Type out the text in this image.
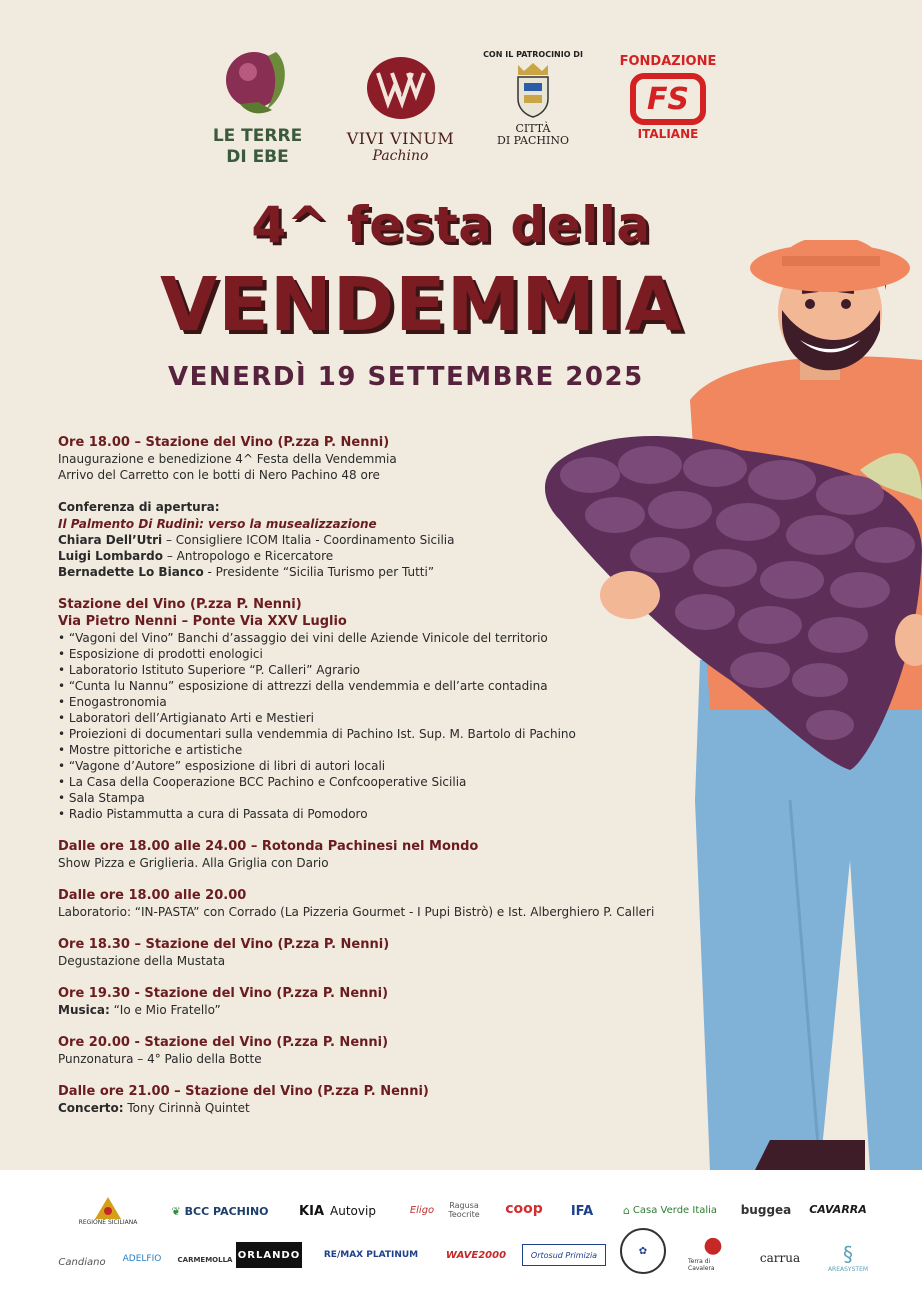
LE TERRE
DI EBE
VIVI VINUM
Pachino
CON IL PATROCINIO DI
CITTÀ
DI PACHINO
FONDAZIONE
FS
ITALIANE
4^ festa della
VENDEMMIA
VENERDÌ 19 SETTEMBRE 2025
Ore 18.00 – Stazione del Vino (P.zza P. Nenni)
Inaugurazione e benedizione 4^ Festa della Vendemmia
Arrivo del Carretto con le botti di Nero Pachino 48 ore
Conferenza di apertura:
Il Palmento Di Rudinì: verso la musealizzazione
Chiara Dell’Utri – Consigliere ICOM Italia - Coordinamento Sicilia
Luigi Lombardo – Antropologo e Ricercatore
Bernadette Lo Bianco - Presidente “Sicilia Turismo per Tutti”
Stazione del Vino (P.zza P. Nenni)
Via Pietro Nenni – Ponte Via XXV Luglio
• “Vagoni del Vino” Banchi d’assaggio dei vini delle Aziende Vinicole del territorio
• Esposizione di prodotti enologici
• Laboratorio Istituto Superiore “P. Calleri” Agrario
• “Cunta lu Nannu” esposizione di attrezzi della vendemmia e dell’arte contadina
• Enogastronomia
• Laboratori dell’Artigianato Arti e Mestieri
• Proiezioni di documentari sulla vendemmia di Pachino Ist. Sup. M. Bartolo di Pachino
• Mostre pittoriche e artistiche
• “Vagone d’Autore” esposizione di libri di autori locali
• La Casa della Cooperazione BCC Pachino e Confcooperative Sicilia
• Sala Stampa
• Radio Pistammutta a cura di Passata di Pomodoro
Dalle ore 18.00 alle 24.00 – Rotonda Pachinesi nel Mondo
Show Pizza e Griglieria. Alla Griglia con Dario
Dalle ore 18.00 alle 20.00
Laboratorio: “IN-PASTA” con Corrado (La Pizzeria Gourmet - I Pupi Bistrò) e Ist. Alberghiero P. Calleri
Ore 18.30 – Stazione del Vino (P.zza P. Nenni)
Degustazione della Mustata
Ore 19.30 - Stazione del Vino (P.zza P. Nenni)
Musica: “Io e Mio Fratello”
Ore 20.00 - Stazione del Vino (P.zza P. Nenni)
Punzonatura – 4° Palio della Botte
Dalle ore 21.00 – Stazione del Vino (P.zza P. Nenni)
Concerto: Tony Cirinnà Quintet
REGIONE SICILIANA
❦ BCC PACHINO KIA Autovip	Eligo	Ragusa Teocrite	coop IFA	⌂ Casa Verde Italia buggea CAVARRA
Candiano ADELFIO CARMEMOLLA ORLANDO	RE/MAX PLATINUM	WAVE2000	Ortosud Primizia	✿	●
Terra di Cavalera
carrua §
AREASYSTEM
